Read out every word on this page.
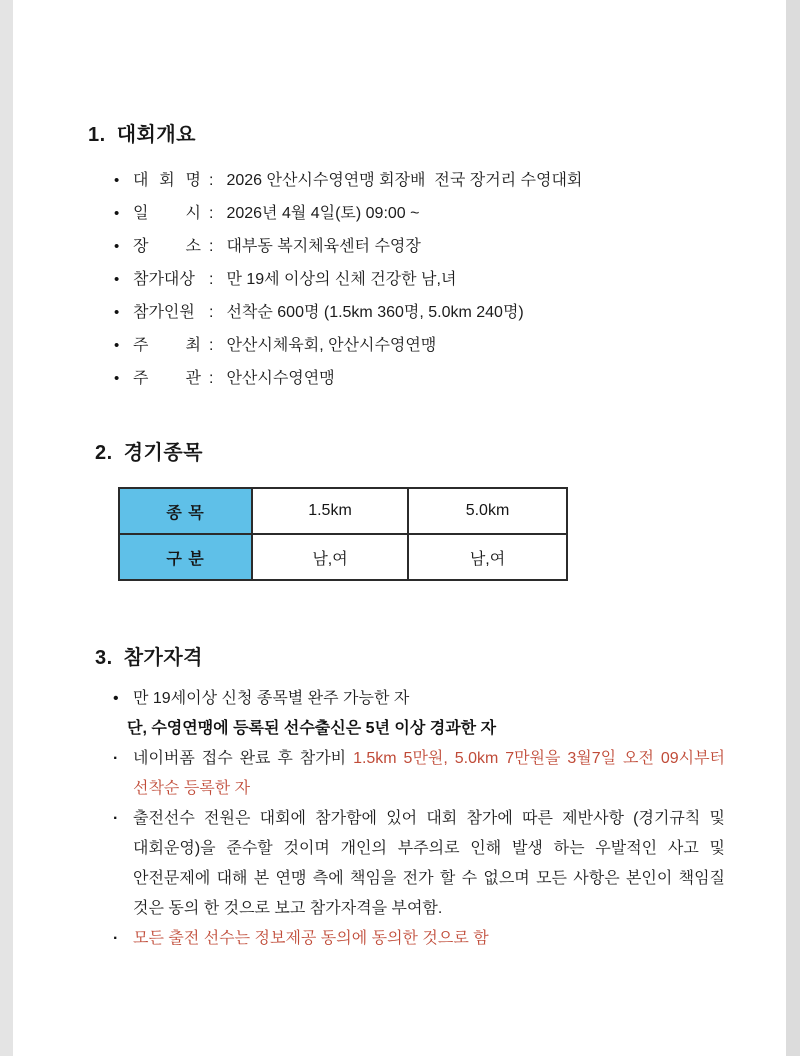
1. 대회개요
• 대 회 명 : 2026 안산시수영연맹 회장배  전국 장거리 수영대회
• 일 시 : 2026년 4월 4일(토) 09:00 ~
• 장 소 : 대부동 복지체육센터 수영장
• 참가대상 : 만 19세 이상의 신체 건강한 남,녀
• 참가인원 : 선착순 600명 (1.5km 360명, 5.0km 240명)
• 주 최 : 안산시체육회, 안산시수영연맹
• 주 관 : 안산시수영연맹
2. 경기종목
종 목	1.5km	5.0km
구 분	남,여	남,여
3. 참가자격
• 만 19세이상 신청 종목별 완주 가능한 자
단, 수영연맹에 등록된 선수출신은 5년 이상 경과한 자
· 네이버폼 접수 완료 후 참가비 1.5km 5만원, 5.0km 7만원을 3월7일 오전 09시부터 선착순 등록한 자
· 출전선수 전원은 대회에 참가함에 있어 대회 참가에 따른 제반사항 (경기규칙 및 대회운영)을 준수할 것이며 개인의 부주의로 인해 발생 하는 우발적인 사고 및 안전문제에 대해 본 연맹 측에 책임을 전가 할 수 없으며 모든 사항은 본인이 책임질 것은 동의 한 것으로 보고 참가자격을 부여함.
· 모든 출전 선수는 정보제공 동의에 동의한 것으로 함
